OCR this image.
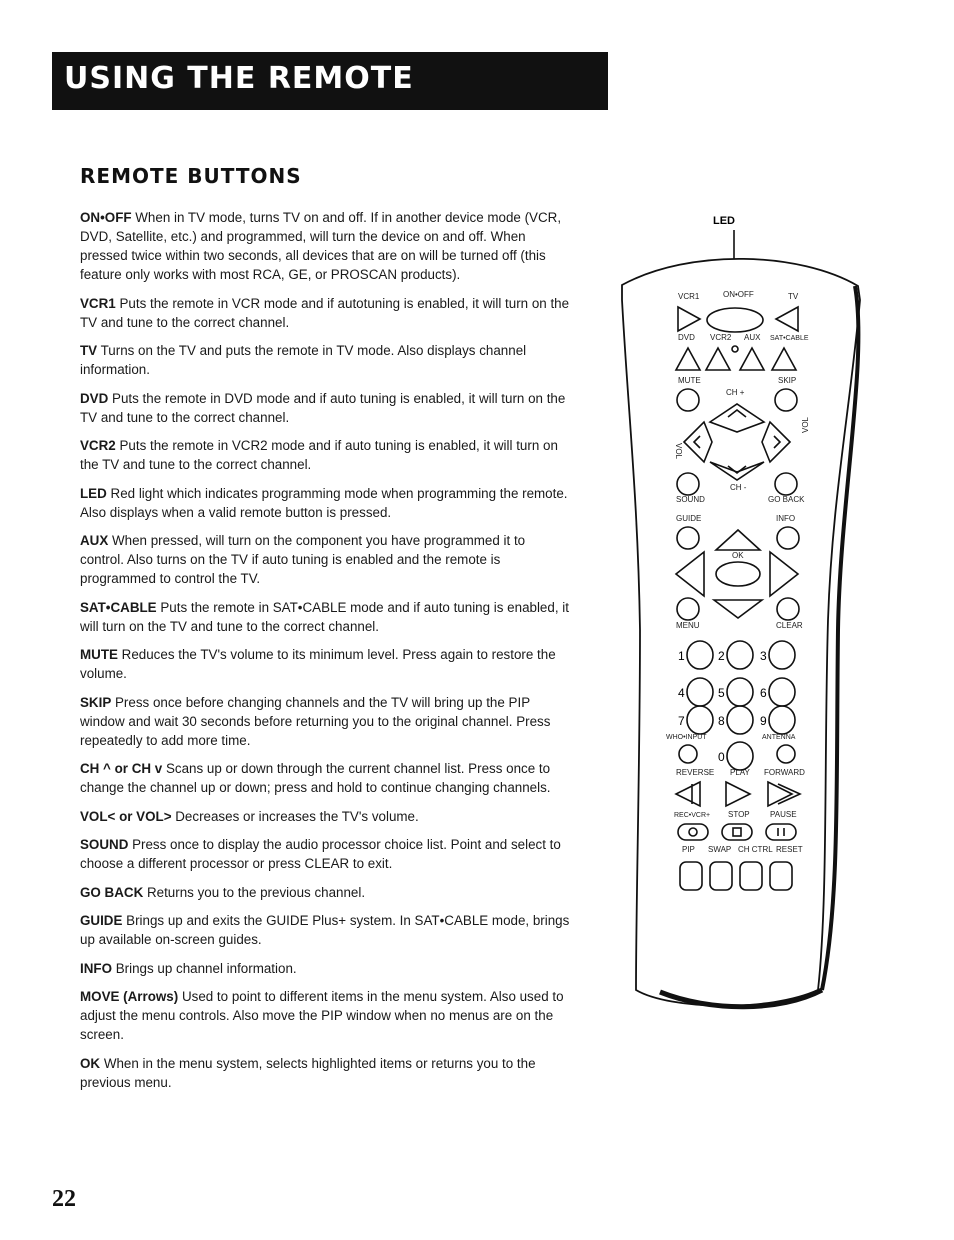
USING THE REMOTE
REMOTE BUTTONS

ON•OFF When in TV mode, turns TV on and off. If in another device mode (VCR, DVD, Satellite, etc.) and programmed, will turn the device on and off. When pressed twice within two seconds, all devices that are on will be turned off (this feature only works with most RCA, GE, or PROSCAN products).

VCR1 Puts the remote in VCR mode and if autotuning is enabled, it will turn on the TV and tune to the correct channel.

TV Turns on the TV and puts the remote in TV mode. Also displays channel information.

DVD Puts the remote in DVD mode and if auto tuning is enabled, it will turn on the TV and tune to the correct channel.

VCR2 Puts the remote in VCR2 mode and if auto tuning is enabled, it will turn on the TV and tune to the correct channel.

LED Red light which indicates programming mode when programming the remote. Also displays when a valid remote button is pressed.

AUX When pressed, will turn on the component you have programmed it to control. Also turns on the TV if auto tuning is enabled and the remote is programmed to control the TV.

SAT•CABLE Puts the remote in SAT•CABLE mode and if auto tuning is enabled, it will turn on the TV and tune to the correct channel.

MUTE Reduces the TV's volume to its minimum level. Press again to restore the volume.

SKIP Press once before changing channels and the TV will bring up the PIP window and wait 30 seconds before returning you to the original channel. Press repeatedly to add more time.

CH ^ or CH v Scans up or down through the current channel list. Press once to change the channel up or down; press and hold to continue changing channels.

VOL< or VOL> Decreases or increases the TV's volume.

SOUND Press once to display the audio processor choice list. Point and select to choose a different processor or press CLEAR to exit.

GO BACK Returns you to the previous channel.

GUIDE Brings up and exits the GUIDE Plus+ system. In SAT•CABLE mode, brings up available on-screen guides.

INFO Brings up channel information.

MOVE (Arrows) Used to point to different items in the menu system. Also used to adjust the menu controls. Also move the PIP window when no menus are on the screen.

OK When in the menu system, selects highlighted items or returns you to the previous menu.

LED
VCR1	ON•OFF	TV
DVD VCR2 AUX SAT•CABLE
MUTE	SKIP
CH +
CH -
VOL
VOL
SOUND	GO BACK
GUIDE	INFO
OK
MENU	CLEAR
WHO•INPUT	ANTENNA
REVERSE PLAY FORWARD
REC•VCR+ STOP	PAUSE
PIP SWAP CH CTRL RESET
1	2	3
4	5	6
7	8	9
0
22
